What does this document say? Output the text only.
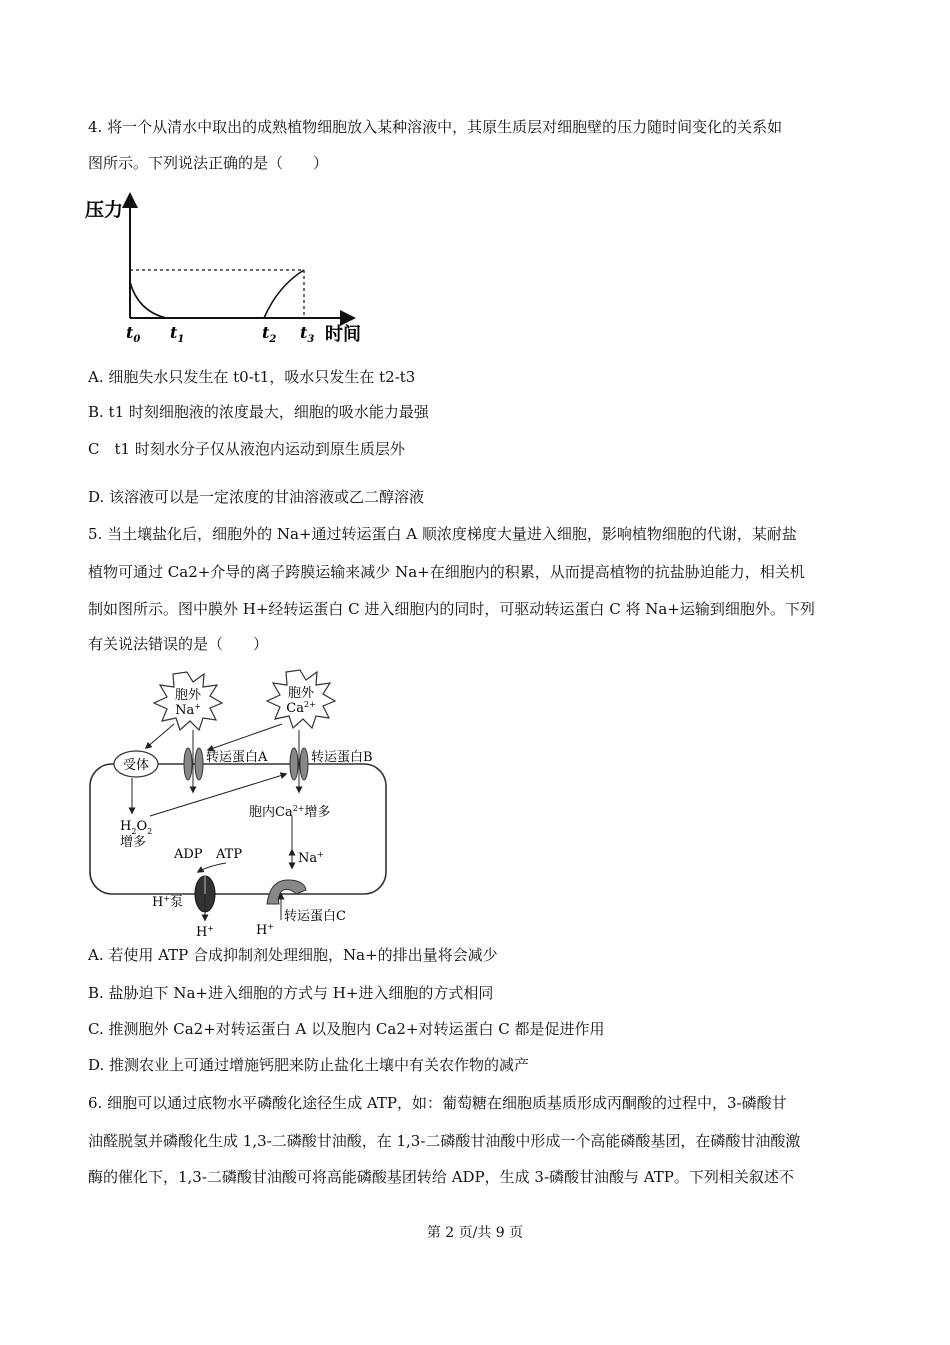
4. 将一个从清水中取出的成熟植物细胞放入某种溶液中，其原生质层对细胞壁的压力随时间变化的关系如
图所示。下列说法正确的是（　　）
压力
$t_0$ $t_1$	$t_2$ $t_3$ 时间
A. 细胞失水只发生在 t0-t1，吸水只发生在 t2-t3
B. t1 时刻细胞液的浓度最大，细胞的吸水能力最强
C　t1 时刻水分子仅从液泡内运动到原生质层外
D. 该溶液可以是一定浓度的甘油溶液或乙二醇溶液
5. 当土壤盐化后，细胞外的 Na+通过转运蛋白 A 顺浓度梯度大量进入细胞，影响植物细胞的代谢，某耐盐
植物可通过 Ca2+介导的离子跨膜运输来减少 Na+在细胞内的积累，从而提高植物的抗盐胁迫能力，相关机
制如图所示。图中膜外 H+经转运蛋白 C 进入细胞内的同时，可驱动转运蛋白 C 将 Na+运输到细胞外。下列
有关说法错误的是（　　）
胞外
Na+
胞外
$Ca^{2+}$
受体
转运蛋白A	转运蛋白B
胞内$Ca^{2+}$增多
$H_2O_2$
增多
ADP ATP
H+泵
H+
Na+
转运蛋白C
H+
A. 若使用 ATP 合成抑制剂处理细胞，Na+的排出量将会减少
B. 盐胁迫下 Na+进入细胞的方式与 H+进入细胞的方式相同
C. 推测胞外 Ca2+对转运蛋白 A 以及胞内 Ca2+对转运蛋白 C 都是促进作用
D. 推测农业上可通过增施钙肥来防止盐化土壤中有关农作物的减产
6. 细胞可以通过底物水平磷酸化途径生成 ATP，如：葡萄糖在细胞质基质形成丙酮酸的过程中，3-磷酸甘
油醛脱氢并磷酸化生成 1,3-二磷酸甘油酸，在 1,3-二磷酸甘油酸中形成一个高能磷酸基团，在磷酸甘油酸激
酶的催化下，1,3-二磷酸甘油酸可将高能磷酸基团转给 ADP，生成 3-磷酸甘油酸与 ATP。下列相关叙述不
第 2 页/共 9 页
